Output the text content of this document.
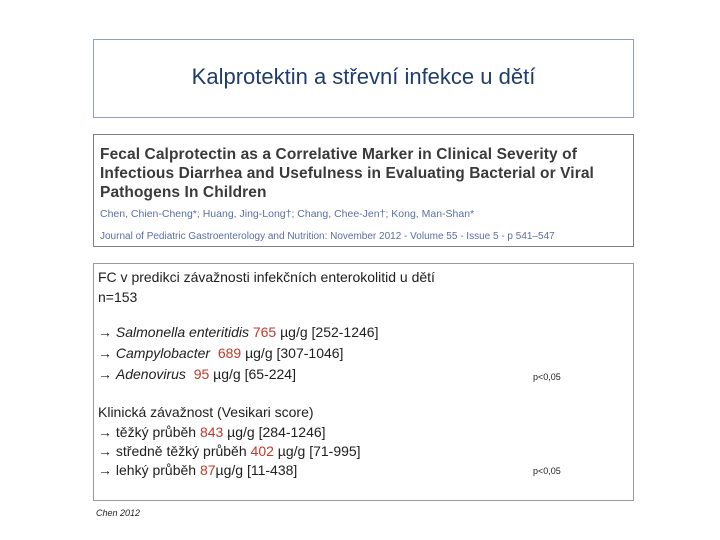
Kalprotektin a střevní infekce u dětí
Fecal Calprotectin as a Correlative Marker in Clinical Severity of Infectious Diarrhea and Usefulness in Evaluating Bacterial or Viral Pathogens In Children
Chen, Chien-Cheng*; Huang, Jing-Long†; Chang, Chee-Jen†; Kong, Man-Shan*
Journal of Pediatric Gastroenterology and Nutrition: November 2012 - Volume 55 - Issue 5 - p 541–547
FC v predikci závažnosti infekčních enterokolitid u dětí
n=153
→ Salmonella enteritidis 765 µg/g [252-1246]
→ Campylobacter 689 µg/g [307-1046]
→ Adenovirus 95 µg/g [65-224]	p<0,05
Klinická závažnost (Vesikari score)
→ těžký průběh 843 µg/g [284-1246]
→ středně těžký průběh 402 µg/g [71-995]
→ lehký průběh 87µg/g [11-438]	p<0,05
Chen 2012
